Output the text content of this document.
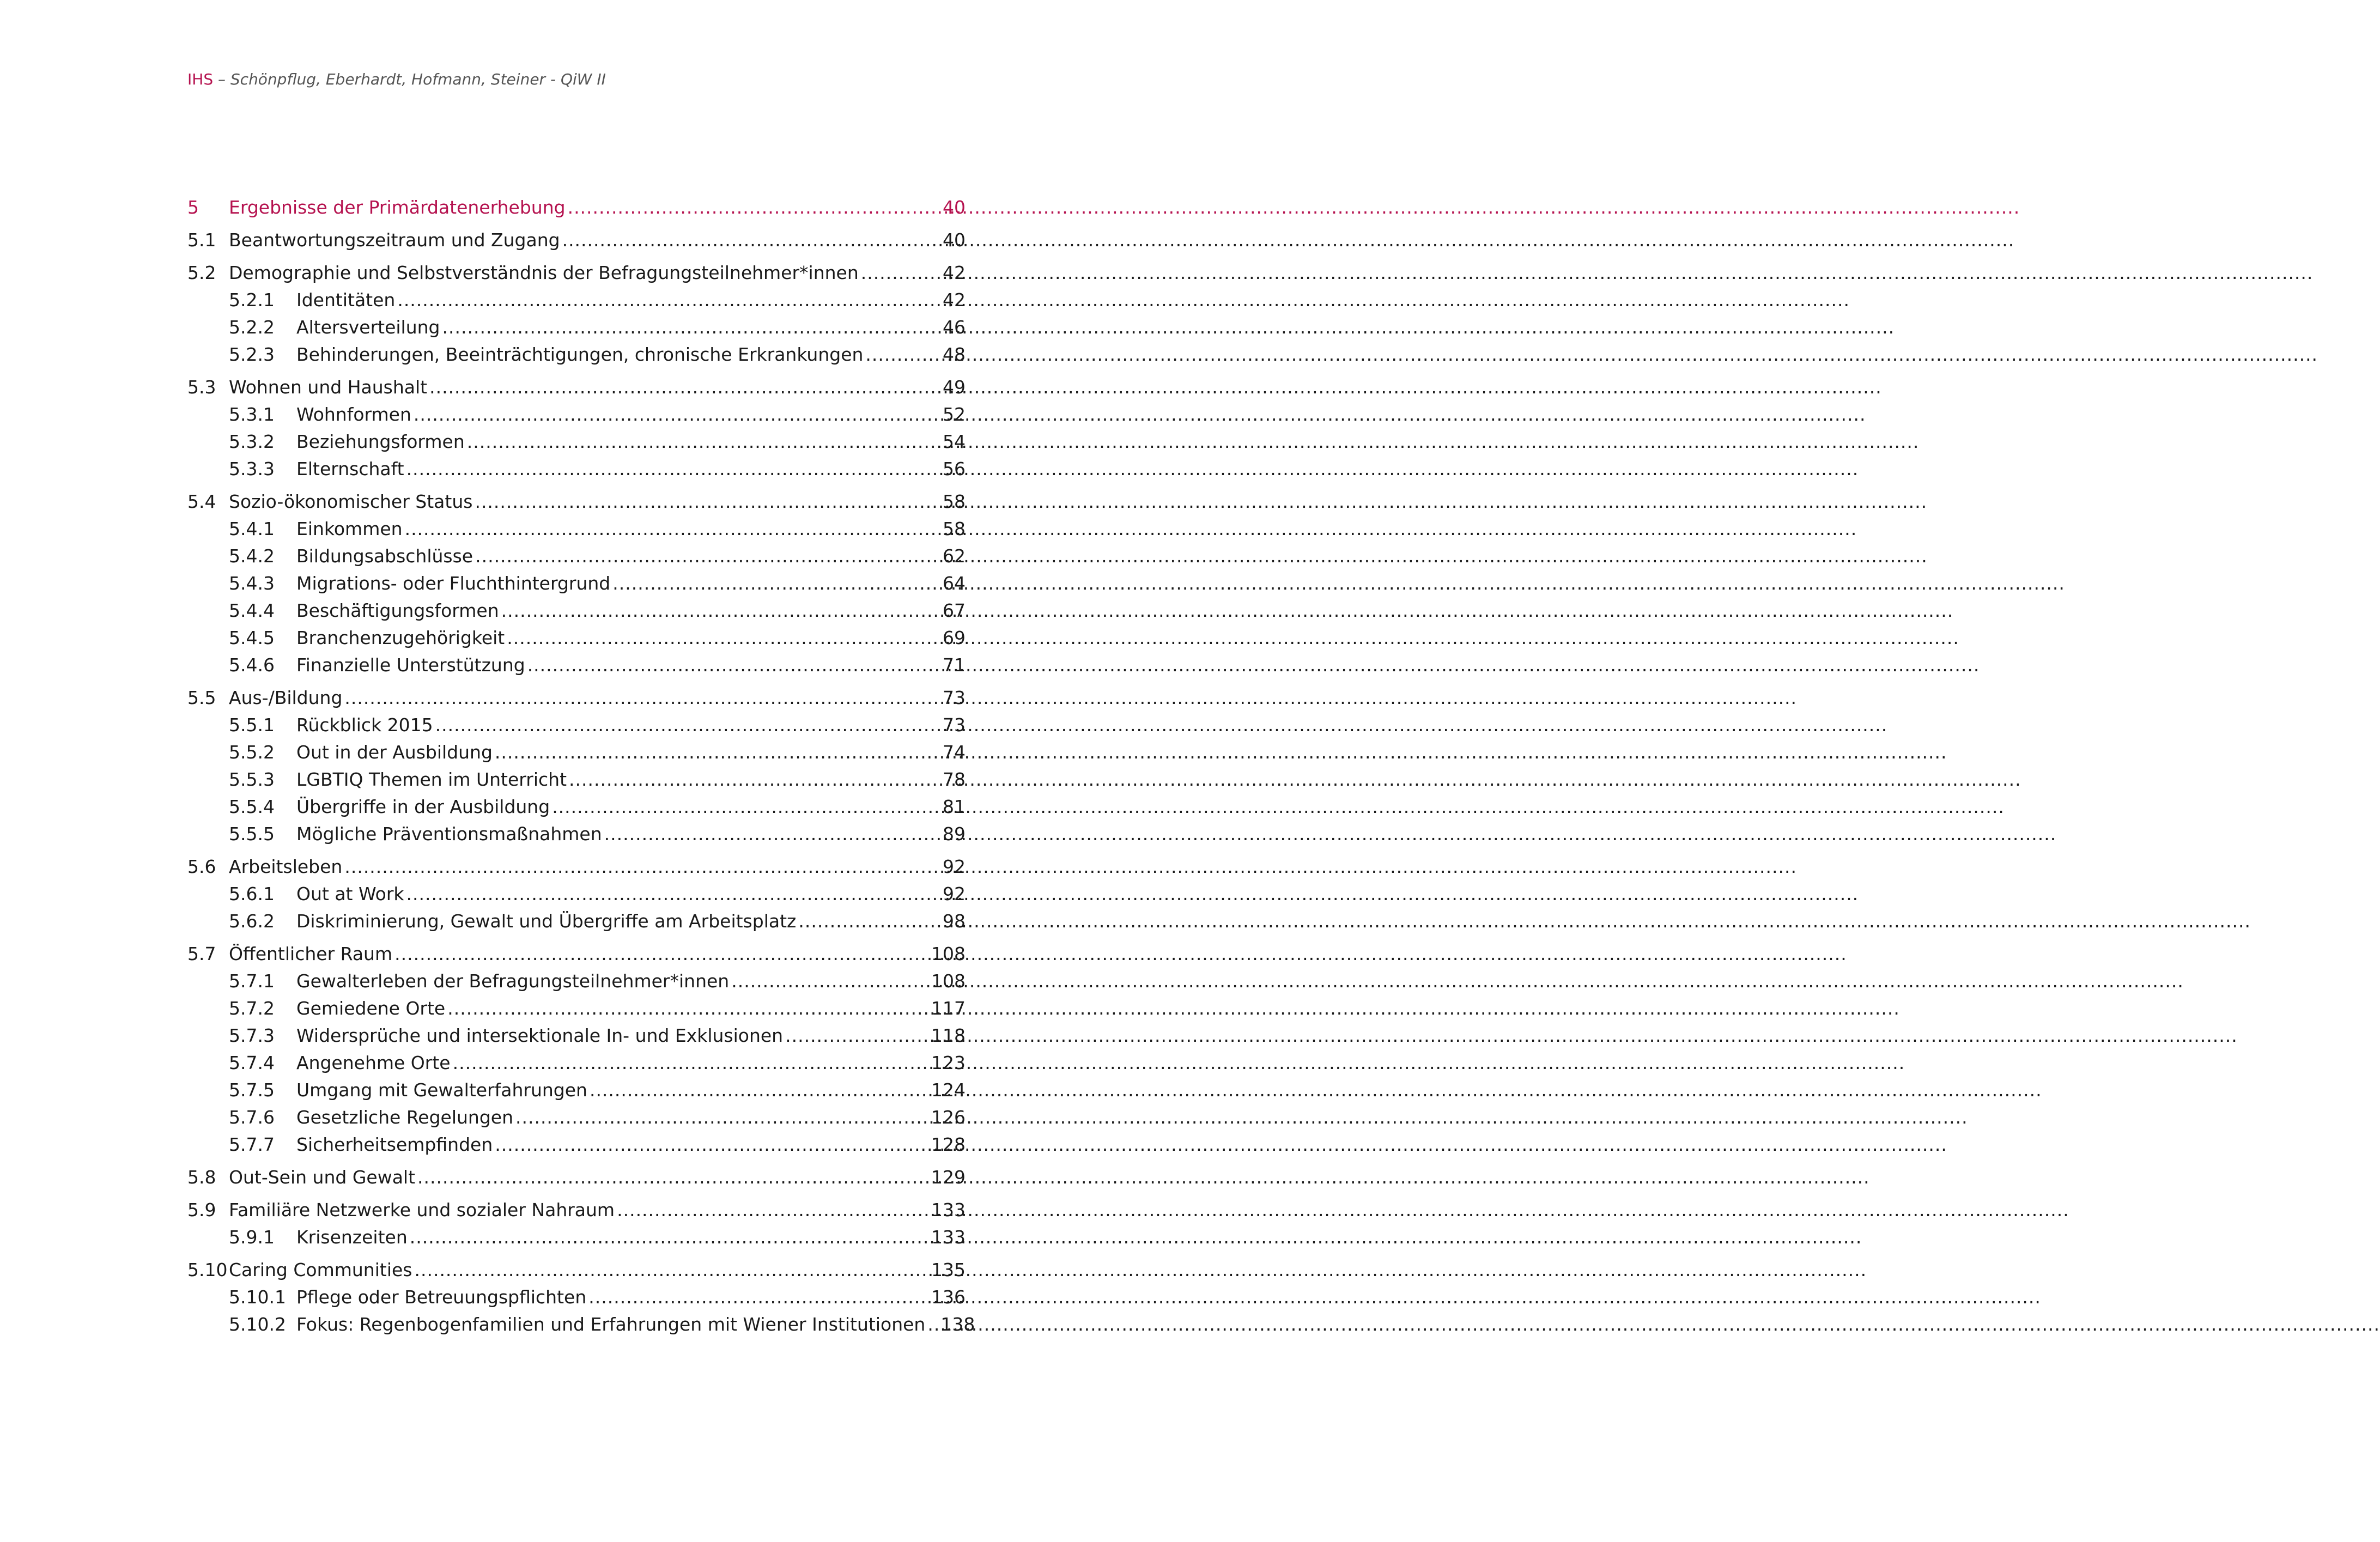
IHS – Schönpflug, Eberhardt, Hofmann, Steiner - QiW II
5	Ergebnisse der Primärdatenerhebung .....	40
5.1 Beantwortungszeitraum und Zugang .....	40
5.2 Demographie und Selbstverständnis der Befragungsteilnehmer*innen .....	42
5.2.1	Identitäten .....	42
5.2.2	Altersverteilung .....	46
5.2.3	Behinderungen, Beeinträchtigungen, chronische Erkrankungen .....	48
5.3 Wohnen und Haushalt .....	49
5.3.1	Wohnformen .....	52
5.3.2	Beziehungsformen .....	54
5.3.3	Elternschaft .....	56
5.4 Sozio-ökonomischer Status .....	58
5.4.1	Einkommen .....	58
5.4.2	Bildungsabschlüsse .....	62
5.4.3	Migrations- oder Fluchthintergrund .....	64
5.4.4	Beschäftigungsformen .....	67
5.4.5	Branchenzugehörigkeit .....	69
5.4.6	Finanzielle Unterstützung .....	71
5.5 Aus-/Bildung .....	73
5.5.1	Rückblick 2015 .....	73
5.5.2	Out in der Ausbildung .....	74
5.5.3	LGBTIQ Themen im Unterricht .....	78
5.5.4	Übergriffe in der Ausbildung .....	81
5.5.5	Mögliche Präventionsmaßnahmen .....	89
5.6 Arbeitsleben .....	92
5.6.1	Out at Work .....	92
5.6.2	Diskriminierung, Gewalt und Übergriffe am Arbeitsplatz .....	98
5.7 Öffentlicher Raum .....	108
5.7.1	Gewalterleben der Befragungsteilnehmer*innen .....	108
5.7.2	Gemiedene Orte .....	117
5.7.3	Widersprüche und intersektionale In- und Exklusionen .....	118
5.7.4	Angenehme Orte .....	123
5.7.5	Umgang mit Gewalterfahrungen .....	124
5.7.6	Gesetzliche Regelungen .....	126
5.7.7	Sicherheitsempfinden .....	128
5.8 Out-Sein und Gewalt .....	129
5.9 Familiäre Netzwerke und sozialer Nahraum .....	133
5.9.1	Krisenzeiten .....	133
5.10 Caring Communities .....	135
5.10.1 Pflege oder Betreuungspflichten .....	136
5.10.2 Fokus: Regenbogenfamilien und Erfahrungen mit Wiener Institutionen ..... 138
